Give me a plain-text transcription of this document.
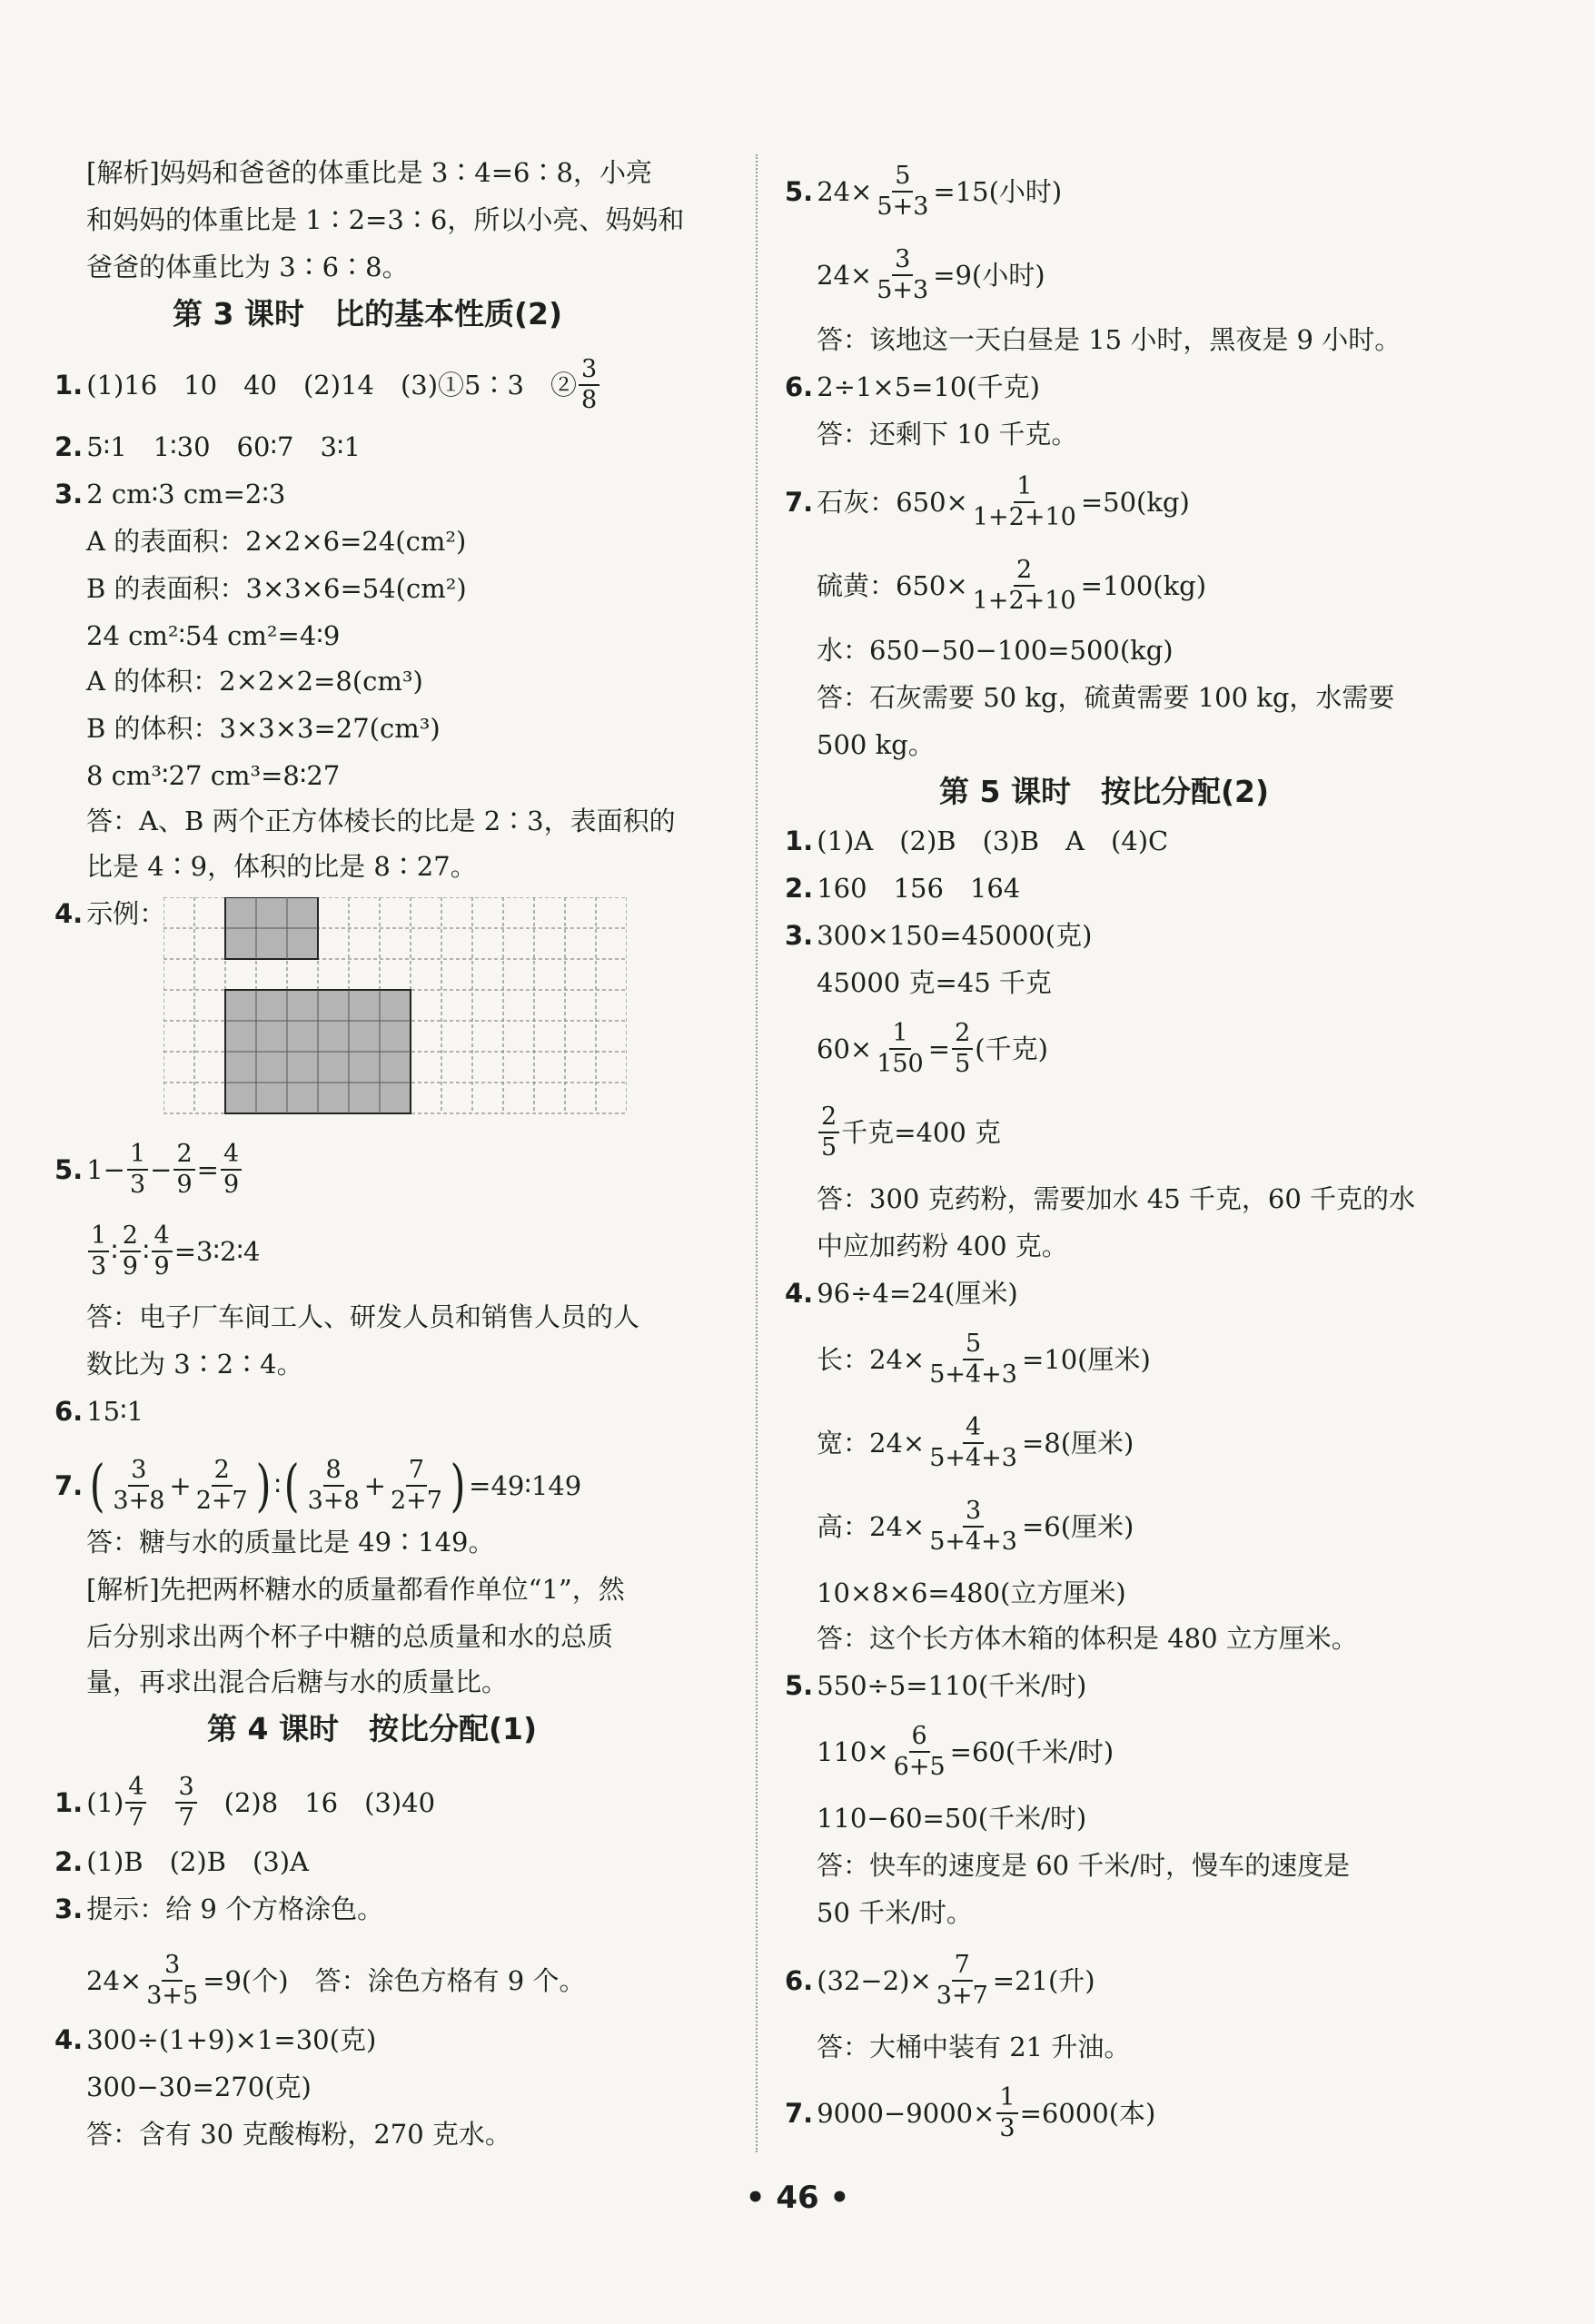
[解析]妈妈和爸爸的体重比是 3∶4=6∶8，小亮
和妈妈的体重比是 1∶2=3∶6，所以小亮、妈妈和
爸爸的体重比为 3∶6∶8。
第 3 课时　比的基本性质(2)
1. (1)16　10　40　(2)14　(3)①5∶3　② $\frac{3}{8}$
2. 5∶1　1∶30　60∶7　3∶1
3. 2 cm∶3 cm=2∶3
A 的表面积：2×2×6=24(cm²)
B 的表面积：3×3×6=54(cm²)
24 cm²∶54 cm²=4∶9
A 的体积：2×2×2=8(cm³)
B 的体积：3×3×3=27(cm³)
8 cm³∶27 cm³=8∶27
答：A、B 两个正方体棱长的比是 2∶3，表面积的
比是 4∶9，体积的比是 8∶27。
4. 示例：
5. $1- \frac{1}{3} - \frac{2}{9} = \frac{4}{9}$
$\frac{1}{3}$ ∶ $\frac{2}{9}$ ∶ $\frac{4}{9}$ =3∶2∶4
答：电子厂车间工人、研发人员和销售人员的人
数比为 3∶2∶4。
6. 15∶1
7. ( $\frac{3}{3+8} + \frac{2}{2+7}$ ) ∶ ( $\frac{8}{3+8} + \frac{7}{2+7}$ ) =49∶149
答：糖与水的质量比是 49∶149。
[解析]先把两杯糖水的质量都看作单位“1”，然
后分别求出两个杯子中糖的总质量和水的总质
量，再求出混合后糖与水的质量比。
第 4 课时　按比分配(1)
1. $(1) \frac{4}{7} \frac{3}{7} (2)8$　16　(3)40
2. (1)B　(2)B　(3)A
3. 提示：给 9 个方格涂色。
$24\times \frac{3}{3+5} =9$(个)　答：涂色方格有 9 个。
4. 300÷(1+9)×1=30(克)
300−30=270(克)
答：含有 30 克酸梅粉，270 克水。
5. $24\times \frac{5}{5+3} =15$(小时)
$24\times \frac{3}{5+3} =9$(小时)
答：该地这一天白昼是 15 小时，黑夜是 9 小时。
6. 2÷1×5=10(千克)
答：还剩下 10 千克。
7. 石灰：$650\times \frac{1}{1+2+10} =50(kg)$
硫黄：$650\times \frac{2}{1+2+10} =100(kg)$
水：650−50−100=500(kg)
答：石灰需要 50 kg，硫黄需要 100 kg，水需要
500 kg。
第 5 课时　按比分配(2)
1. (1)A　(2)B　(3)B　A　(4)C
2. 160　156　164
3. 300×150=45000(克)
45000 克=45 千克
$60\times \frac{1}{150} = \frac{2}{5}$ (千克)
$\frac{2}{5}$ 千克=400 克
答：300 克药粉，需要加水 45 千克，60 千克的水
中应加药粉 400 克。
4. 96÷4=24(厘米)
长：$24\times \frac{5}{5+4+3} =10$(厘米)
宽：$24\times \frac{4}{5+4+3} =8$(厘米)
高：$24\times \frac{3}{5+4+3} =6$(厘米)
10×8×6=480(立方厘米)
答：这个长方体木箱的体积是 480 立方厘米。
5. 550÷5=110(千米/时)
$110\times \frac{6}{6+5} =60$(千米/时)
110−60=50(千米/时)
答：快车的速度是 60 千米/时，慢车的速度是
50 千米/时。
6. $(32-2)\times \frac{7}{3+7} =21$(升)
答：大桶中装有 21 升油。
7. $9000-9000\times \frac{1}{3} =6000$(本)
• 46 •
